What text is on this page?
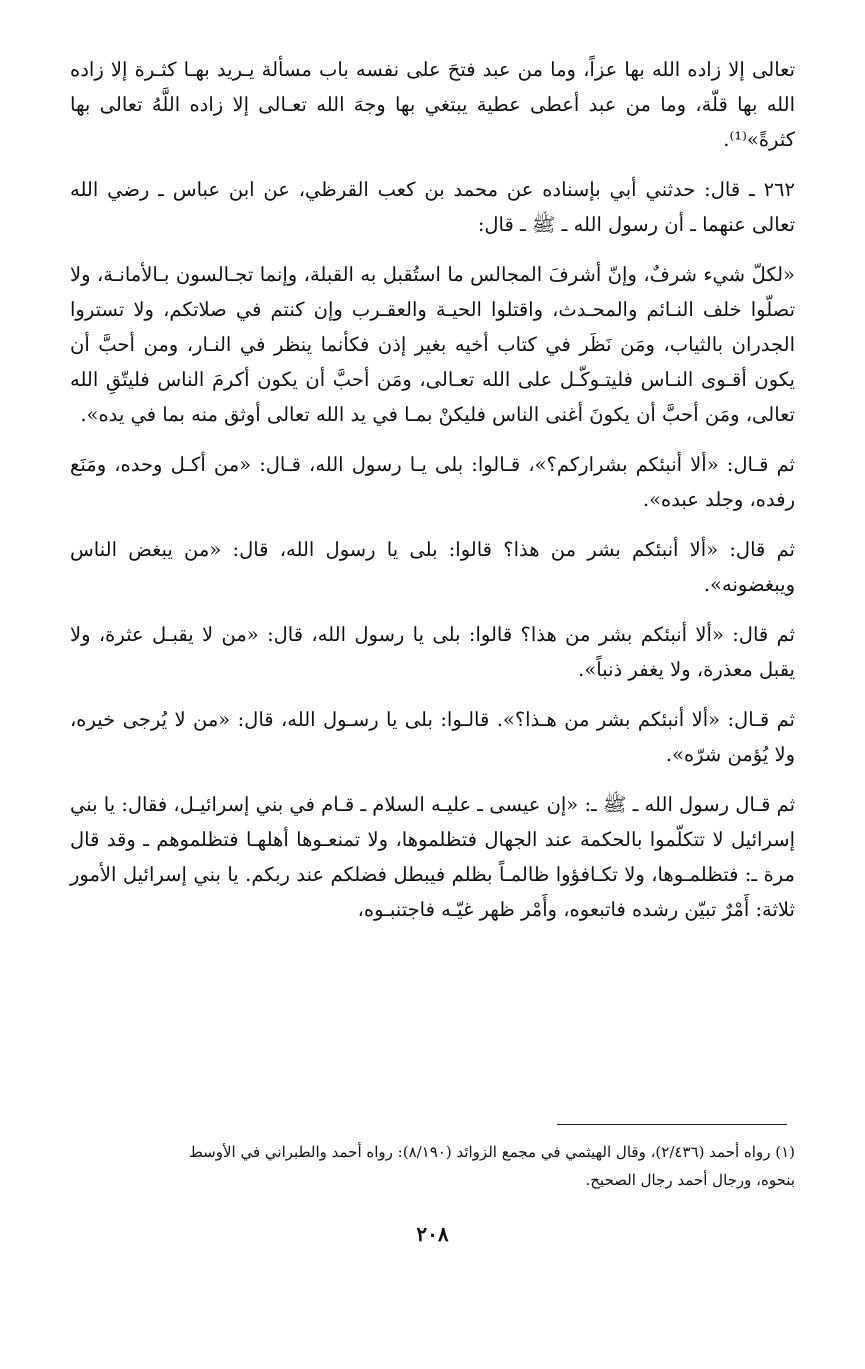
تعالى إلا زاده الله بها عزاً، وما من عبد فتحَ على نفسه باب مسألة يـريد بهـا كثـرة إلا زاده الله بها قلّة، وما من عبد أعطى عطية يبتغي بها وجهَ الله تعـالى إلا زاده اللَّهُ تعالى بها كثرةً»⁽¹⁾.

٢٦٢ ـ قال: حدثني أبي بإسناده عن محمد بن كعب القرظي، عن ابن عباس ـ رضي الله تعالى عنهما ـ أن رسول الله ـ ﷺ ـ قال:

«لكلّ شيء شرفٌ، وإنّ أشرفَ المجالس ما استُقبل به القبلة، وإنما تجـالسون بـالأمانـة، ولا تصلّوا خلف النـائم والمحـدث، واقتلوا الحيـة والعقـرب وإن كنتم في صلاتكم، ولا تستروا الجدران بالثياب، ومَن نَظَر في كتاب أخيه بغير إذن فكأنما ينظر في النـار، ومن أحبَّ أن يكون أقـوى النـاس فليتـوكّـل على الله تعـالى، ومَن أحبَّ أن يكون أكرمَ الناس فليتّقِ الله تعالى، ومَن أحبَّ أن يكونَ أغنى الناس فليكنْ بمـا في يد الله تعالى أوثق منه بما في يده».

ثم قـال: «ألا أنبئكم بشراركم؟»، قـالوا: بلى يـا رسول الله، قـال: «من أكـل وحده، ومَنَع رفده، وجلد عبده».

ثم قال: «ألا أنبئكم بشر من هذا؟ قالوا: بلى يا رسول الله، قال: «من يبغض الناس ويبغضونه».

ثم قال: «ألا أنبئكم بشر من هذا؟ قالوا: بلى يا رسول الله، قال: «من لا يقبـل عثرة، ولا يقبل معذرة، ولا يغفر ذنباً».

ثم قـال: «ألا أنبئكم بشر من هـذا؟». قالـوا: بلى يا رسـول الله، قال: «من لا يُرجى خيره، ولا يُؤمن شرّه».

ثم قـال رسول الله ـ ﷺ ـ: «إن عيسى ـ عليـه السلام ـ قـام في بني إسرائيـل، فقال: يا بني إسرائيل لا تتكلّموا بالحكمة عند الجهال فتظلموها، ولا تمنعـوها أهلهـا فتظلموهم ـ وقد قال مرة ـ: فتظلمـوها، ولا تكـافؤوا ظالمـاً بظلم فيبطل فضلكم عند ربكم. يا بني إسرائيل الأمور ثلاثة: أَمْرٌ تبيّن رشده فاتبعوه، وأَمْر ظهر غيّـه فاجتنبـوه،

(١) رواه أحمد (٢/٤٣٦)، وقال الهيثمي في مجمع الزوائد (٨/١٩٠): رواه أحمد والطبراني في الأوسط

بنحوه، ورجال أحمد رجال الصحيح.

٢٠٨
